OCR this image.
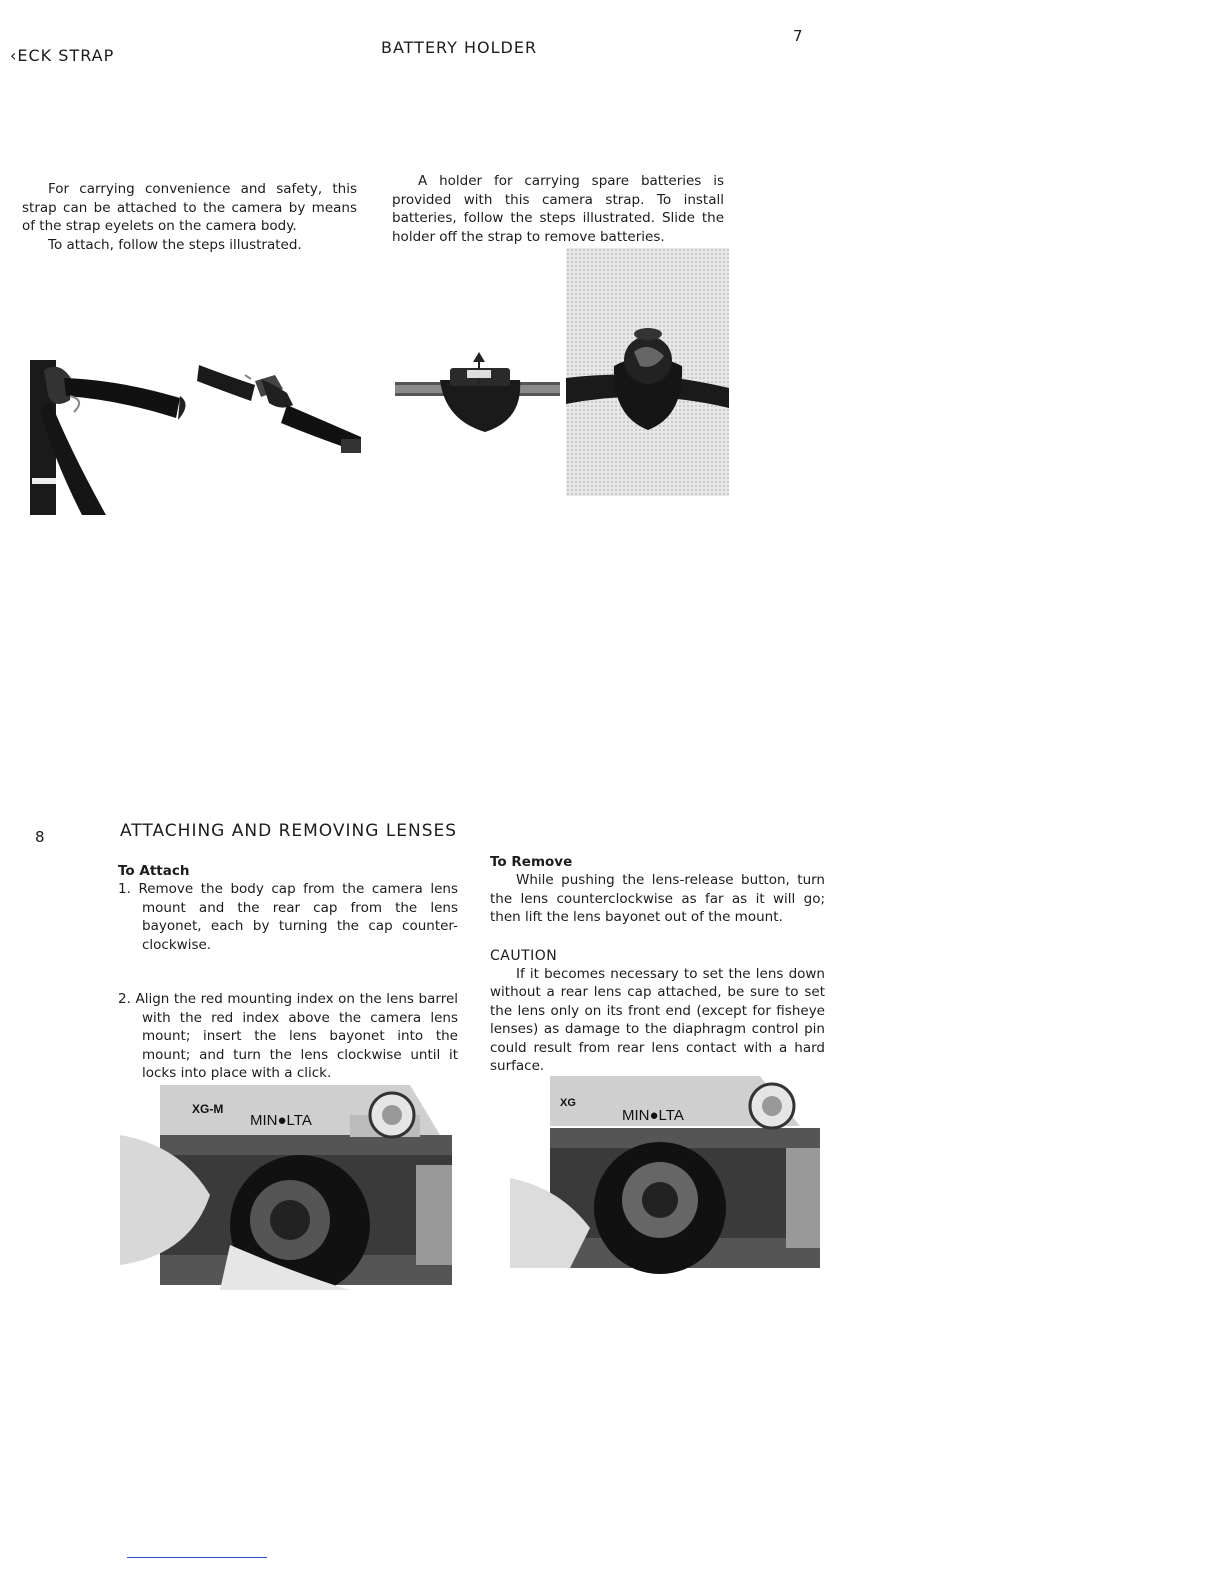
‹ECK STRAP	BATTERY HOLDER
7

For carrying convenience and safety, this strap can be attached to the camera by means of the strap eyelets on the camera body.

To attach, follow the steps illustrated.

A holder for carrying spare batteries is provided with this camera strap. To install batteries, follow the steps illustrated. Slide the holder off the strap to remove batteries.

8	ATTACHING AND REMOVING LENSES
To Attach
1. Remove the body cap from the camera lens mount and the rear cap from the lens bayonet, each by turning the cap counter-clockwise.
2. Align the red mounting index on the lens barrel with the red index above the camera lens mount; insert the lens bayonet into the mount; and turn the lens clockwise until it locks into place with a click.
To Remove

While pushing the lens-release button, turn the lens counterclockwise as far as it will go; then lift the lens bayonet out of the mount.

CAUTION

If it becomes necessary to set the lens down without a rear lens cap attached, be sure to set the lens only on its front end (except for fisheye lenses) as damage to the diaphragm control pin could result from rear lens contact with a hard surface.

XG-M
MIN●LTA
XG
MIN●LTA
